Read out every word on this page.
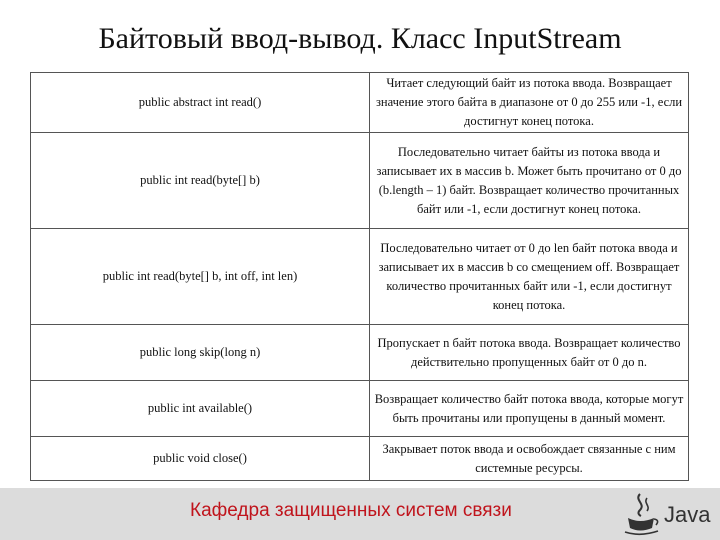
Байтовый ввод-вывод. Класс InputStream
public abstract int read()	Читает следующий байт из потока ввода. Возвращает значение этого байта в диапазоне от 0 до 255 или -1, если достигнут конец потока.
public int read(byte[] b)	Последовательно читает байты из потока ввода и записывает их в массив b. Может быть прочитано от 0 до (b.length – 1) байт. Возвращает количество прочитанных байт или -1, если достигнут конец потока.
public int read(byte[] b, int off, int len)	Последовательно читает от 0 до len байт потока ввода и записывает их в массив b со смещением off. Возвращает количество прочитанных байт или -1, если достигнут конец потока.
public long skip(long n)	Пропускает n байт потока ввода. Возвращает количество действительно пропущенных байт от 0 до n.
public int available()	Возвращает количество байт потока ввода, которые могут быть прочитаны или пропущены в данный момент.
public void close()	Закрывает поток ввода и освобождает связанные с ним системные ресурсы.
Кафедра защищенных систем связи	Java
